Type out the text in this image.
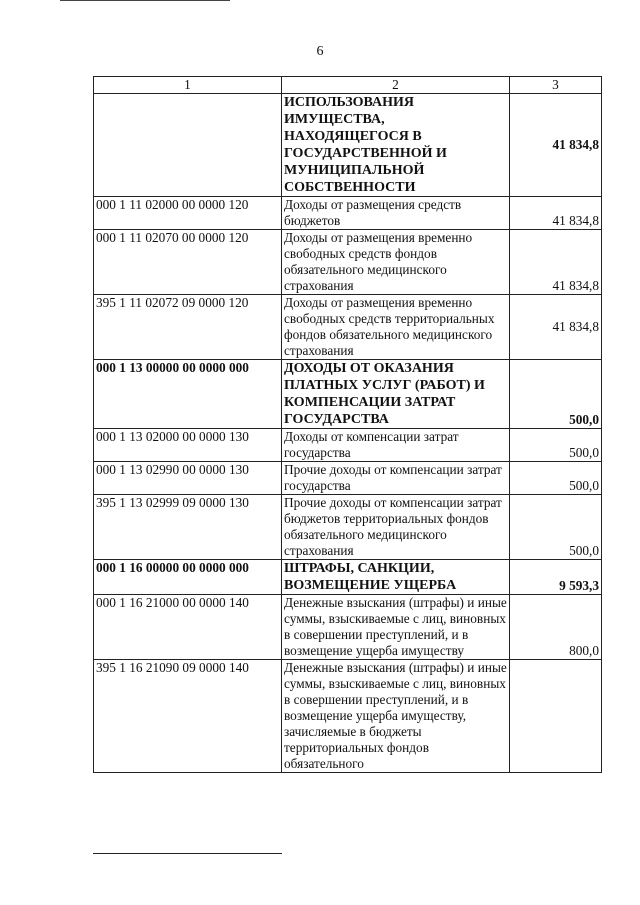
6
1	2	3
	ИСПОЛЬЗОВАНИЯ ИМУЩЕСТВА, НАХОДЯЩЕГОСЯ В ГОСУДАРСТВЕННОЙ И МУНИЦИПАЛЬНОЙ СОБСТВЕННОСТИ	41 834,8
000 1 11 02000 00 0000 120	Доходы от размещения средств бюджетов	41 834,8
000 1 11 02070 00 0000 120	Доходы от размещения временно свободных средств фондов обязательного медицинского страхования	41 834,8
395 1 11 02072 09 0000 120	Доходы от размещения временно свободных средств территориальных фондов обязательного медицинского страхования	41 834,8
000 1 13 00000 00 0000 000	ДОХОДЫ ОТ ОКАЗАНИЯ ПЛАТНЫХ УСЛУГ (РАБОТ) И КОМПЕНСАЦИИ ЗАТРАТ ГОСУДАРСТВА	500,0
000 1 13 02000 00 0000 130	Доходы от компенсации затрат государства	500,0
000 1 13 02990 00 0000 130	Прочие доходы от компенсации затрат государства	500,0
395 1 13 02999 09 0000 130	Прочие доходы от компенсации затрат бюджетов территориальных фондов обязательного медицинского страхования	500,0
000 1 16 00000 00 0000 000	ШТРАФЫ, САНКЦИИ, ВОЗМЕЩЕНИЕ УЩЕРБА	9 593,3
000 1 16 21000 00 0000 140	Денежные взыскания (штрафы) и иные суммы, взыскиваемые с лиц, виновных в совершении преступлений, и в возмещение ущерба имуществу	800,0
395 1 16 21090 09 0000 140	Денежные взыскания (штрафы) и иные суммы, взыскиваемые с лиц, виновных в совершении преступлений, и в возмещение ущерба имуществу, зачисляемые в бюджеты территориальных фондов обязательного	
